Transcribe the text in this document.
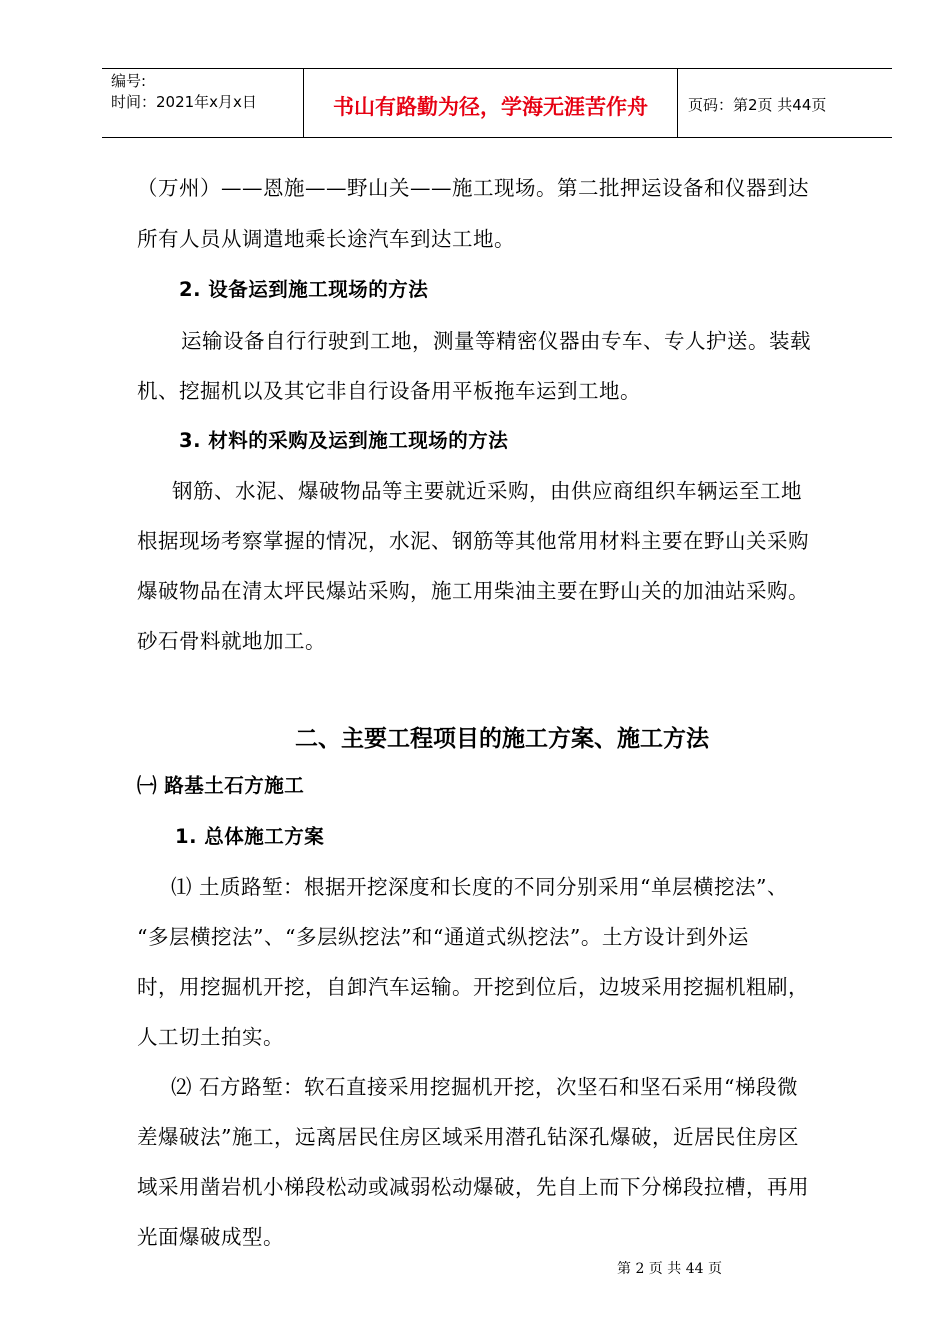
编号:
时间：2021年x月x日	书山有路勤为径，学海无涯苦作舟	页码：第2页 共44页
（万州）——恩施——野山关——施工现场。第二批押运设备和仪器到达
所有人员从调遣地乘长途汽车到达工地。
2. 设备运到施工现场的方法
运输设备自行行驶到工地，测量等精密仪器由专车、专人护送。装载
机、挖掘机以及其它非自行设备用平板拖车运到工地。
3. 材料的采购及运到施工现场的方法
钢筋、水泥、爆破物品等主要就近采购，由供应商组织车辆运至工地
根据现场考察掌握的情况，水泥、钢筋等其他常用材料主要在野山关采购
爆破物品在清太坪民爆站采购，施工用柴油主要在野山关的加油站采购。
砂石骨料就地加工。
二、主要工程项目的施工方案、施工方法
㈠ 路基土石方施工
1. 总体施工方案
⑴ 土质路堑：根据开挖深度和长度的不同分别采用“单层横挖法”、
“多层横挖法”、“多层纵挖法”和“通道式纵挖法”。土方设计到外运
时，用挖掘机开挖，自卸汽车运输。开挖到位后，边坡采用挖掘机粗刷，
人工切土拍实。
⑵ 石方路堑：软石直接采用挖掘机开挖，次坚石和坚石采用“梯段微
差爆破法”施工，远离居民住房区域采用潜孔钻深孔爆破，近居民住房区
域采用凿岩机小梯段松动或减弱松动爆破，先自上而下分梯段拉槽，再用
光面爆破成型。
第 2 页 共 44 页
